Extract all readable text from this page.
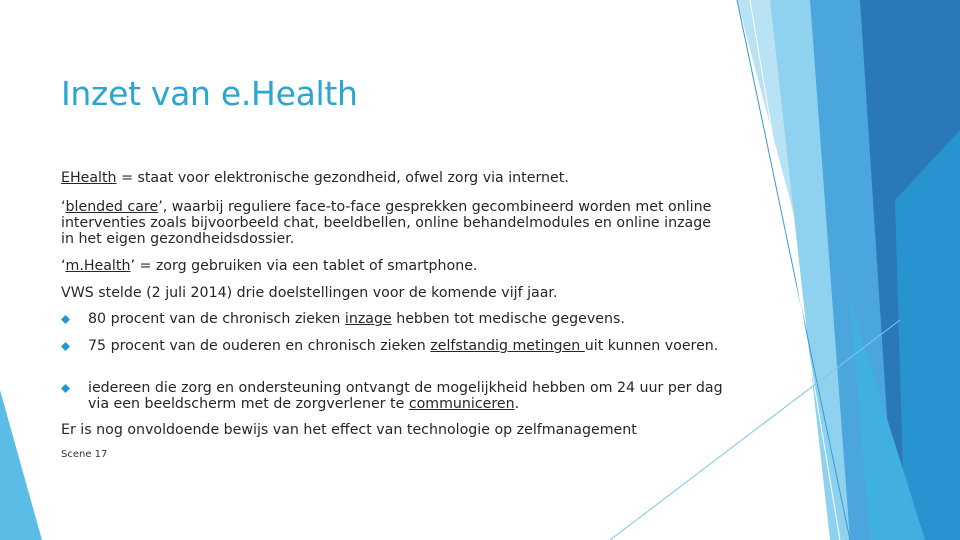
Inzet van e.Health

EHealth = staat voor elektronische gezondheid, ofwel zorg via internet.

‘blended care’, waarbij reguliere face-to-face gesprekken gecombineerd worden met online interventies zoals bijvoorbeeld chat, beeldbellen, online behandelmodules en online inzage in het eigen gezondheidsdossier.

‘m.Health’ = zorg gebruiken via een tablet of smartphone.

VWS stelde (2 juli 2014) drie doelstellingen voor de komende vijf jaar.

80 procent van de chronisch zieken inzage hebben tot medische gegevens.
75 procent van de ouderen en chronisch zieken zelfstandig metingen uit kunnen voeren.
iedereen die zorg en ondersteuning ontvangt de mogelijkheid hebben om 24 uur per dag via een beeldscherm met de zorgverlener te communiceren.

Er is nog onvoldoende bewijs van het effect van technologie op zelfmanagement

Scene 17
